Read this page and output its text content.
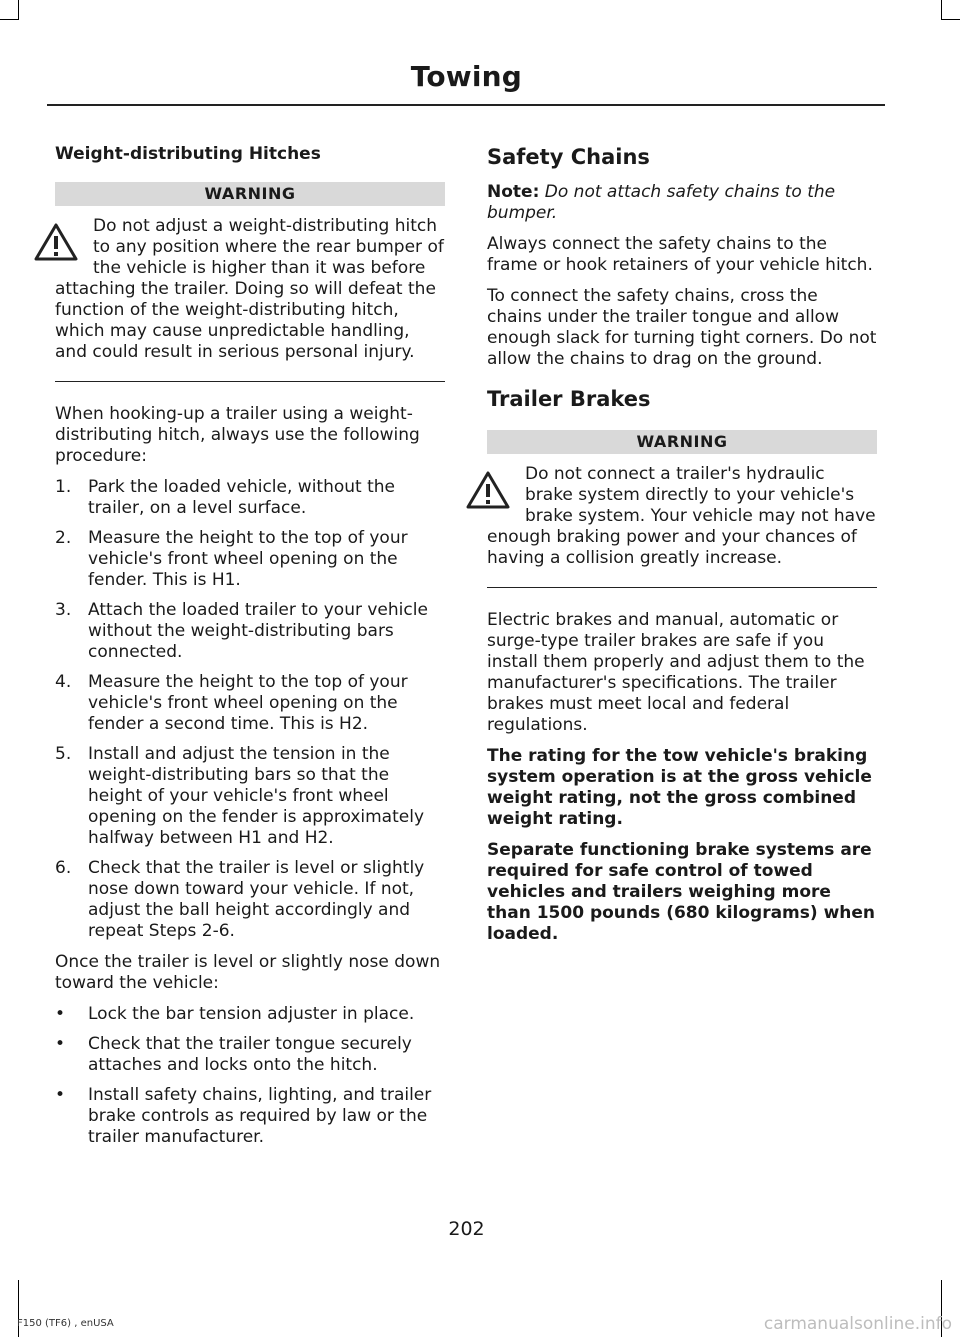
Towing
Weight-distributing Hitches
WARNING

Do not adjust a weight-distributing hitch to any position where the rear bumper of the vehicle is higher than it was before attaching the trailer. Doing so will defeat the function of the weight-distributing hitch, which may cause unpredictable handling, and could result in serious personal injury.

When hooking-up a trailer using a weight-distributing hitch, always use the following procedure:

1. Park the loaded vehicle, without the trailer, on a level surface.
2. Measure the height to the top of your vehicle's front wheel opening on the fender. This is H1.
3. Attach the loaded trailer to your vehicle without the weight-distributing bars connected.
4. Measure the height to the top of your vehicle's front wheel opening on the fender a second time. This is H2.
5. Install and adjust the tension in the weight-distributing bars so that the height of your vehicle's front wheel opening on the fender is approximately halfway between H1 and H2.
6. Check that the trailer is level or slightly nose down toward your vehicle. If not, adjust the ball height accordingly and repeat Steps 2-6.

Once the trailer is level or slightly nose down toward the vehicle:

• Lock the bar tension adjuster in place.
• Check that the trailer tongue securely attaches and locks onto the hitch.
• Install safety chains, lighting, and trailer brake controls as required by law or the trailer manufacturer.
Safety Chains

Note: Do not attach safety chains to the bumper.

Always connect the safety chains to the frame or hook retainers of your vehicle hitch.

To connect the safety chains, cross the chains under the trailer tongue and allow enough slack for turning tight corners. Do not allow the chains to drag on the ground.

Trailer Brakes
WARNING

Do not connect a trailer's hydraulic brake system directly to your vehicle's brake system. Your vehicle may not have enough braking power and your chances of having a collision greatly increase.

Electric brakes and manual, automatic or surge-type trailer brakes are safe if you install them properly and adjust them to the manufacturer's specifications. The trailer brakes must meet local and federal regulations.

The rating for the tow vehicle's braking system operation is at the gross vehicle weight rating, not the gross combined weight rating.

Separate functioning brake systems are required for safe control of towed vehicles and trailers weighing more than 1500 pounds (680 kilograms) when loaded.

202
F150 (TF6) , enUSA	carmanualsonline.info
